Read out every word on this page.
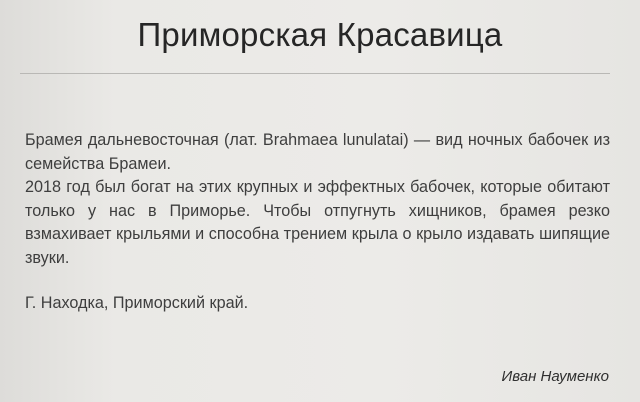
Приморская Красавица

Брамея дальневосточная (лат. Brahmaea lunulatai) — вид ночных бабочек из семейства Брамеи.

2018 год был богат на этих крупных и эффектных бабочек, которые обитают только у нас в Приморье. Чтобы отпугнуть хищников, брамея резко взмахивает крыльями и способна трением крыла о крыло издавать шипящие звуки.

Г. Находка, Приморский край.
Иван Науменко
